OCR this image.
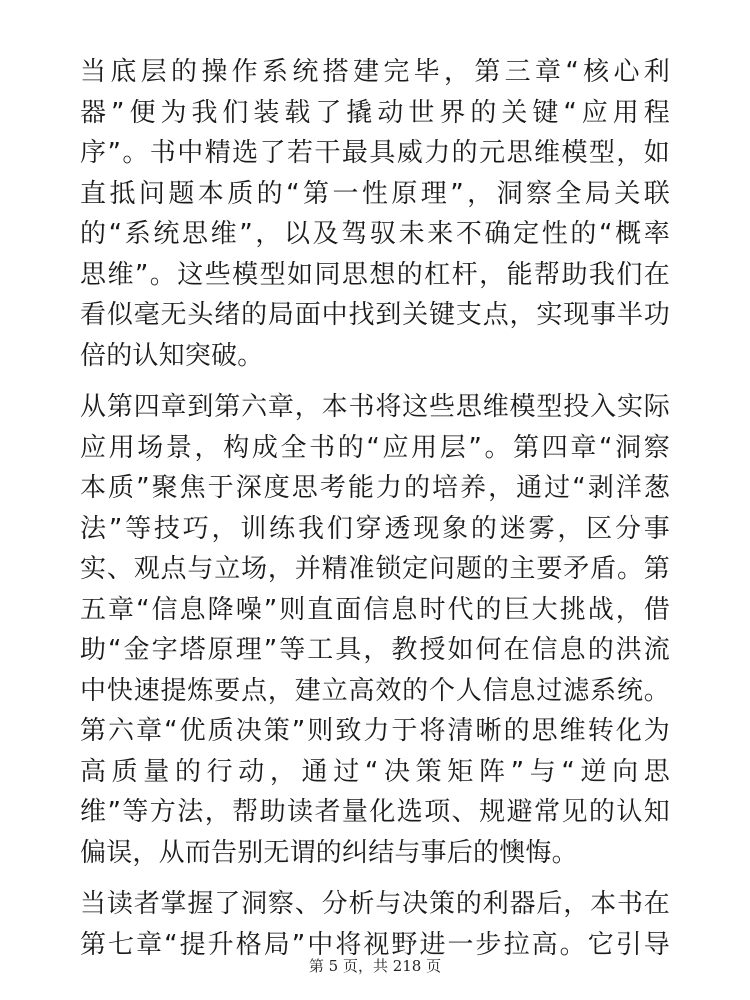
当底层的操作系统搭建完毕，第三章“核心利
器”便为我们装载了撬动世界的关键“应用程
序”。书中精选了若干最具威力的元思维模型，如
直抵问题本质的“第一性原理”，洞察全局关联
的“系统思维”，以及驾驭未来不确定性的“概率
思维”。这些模型如同思想的杠杆，能帮助我们在
看似毫无头绪的局面中找到关键支点，实现事半功
倍的认知突破。
从第四章到第六章，本书将这些思维模型投入实际
应用场景，构成全书的“应用层”。第四章“洞察
本质”聚焦于深度思考能力的培养，通过“剥洋葱
法”等技巧，训练我们穿透现象的迷雾，区分事
实、观点与立场，并精准锁定问题的主要矛盾。第
五章“信息降噪”则直面信息时代的巨大挑战，借
助“金字塔原理”等工具，教授如何在信息的洪流
中快速提炼要点，建立高效的个人信息过滤系统。
第六章“优质决策”则致力于将清晰的思维转化为
高质量的行动，通过“决策矩阵”与“逆向思
维”等方法，帮助读者量化选项、规避常见的认知
偏误，从而告别无谓的纠结与事后的懊悔。
当读者掌握了洞察、分析与决策的利器后，本书在
第七章“提升格局”中将视野进一步拉高。它引导
第 5 页，共 218 页
